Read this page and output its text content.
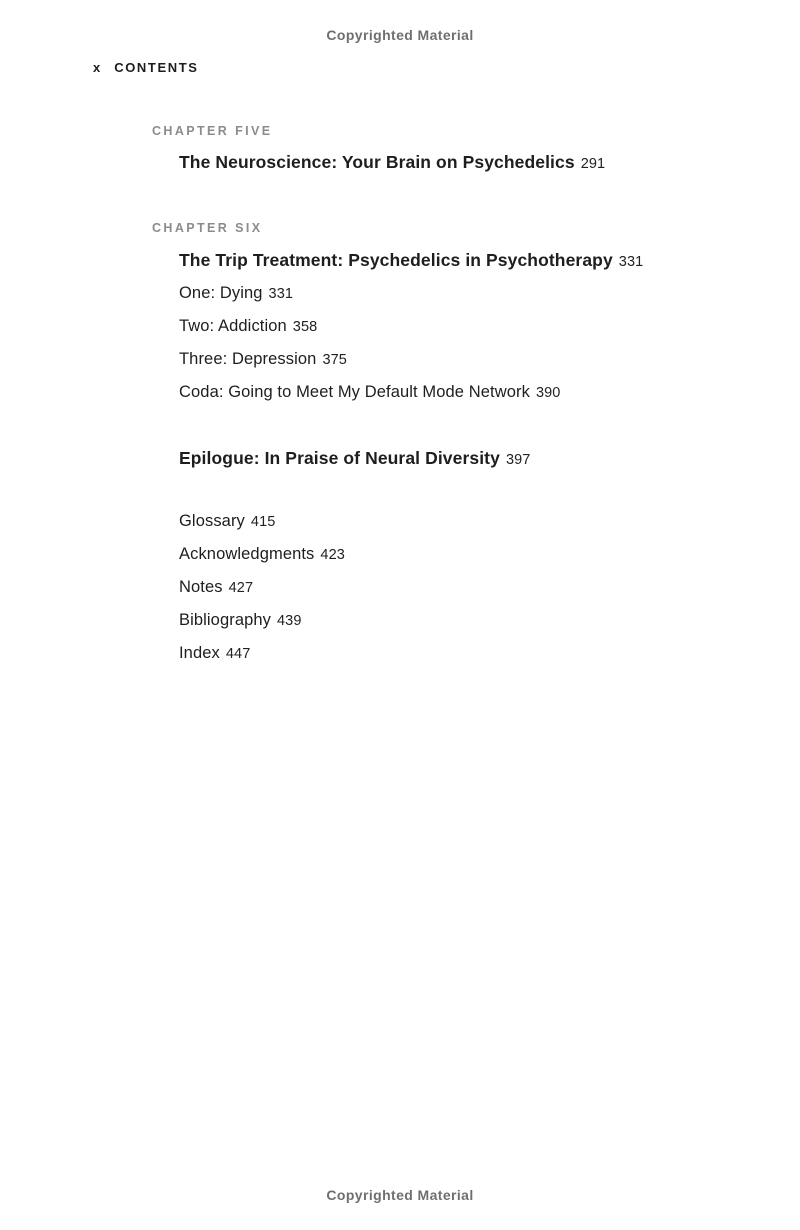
Copyrighted Material
x CONTENTS
CHAPTER FIVE
The Neuroscience: Your Brain on Psychedelics 291
CHAPTER SIX
The Trip Treatment: Psychedelics in Psychotherapy 331
One: Dying 331
Two: Addiction 358
Three: Depression 375
Coda: Going to Meet My Default Mode Network 390
Epilogue: In Praise of Neural Diversity 397
Glossary 415
Acknowledgments 423
Notes 427
Bibliography 439
Index 447
Copyrighted Material
